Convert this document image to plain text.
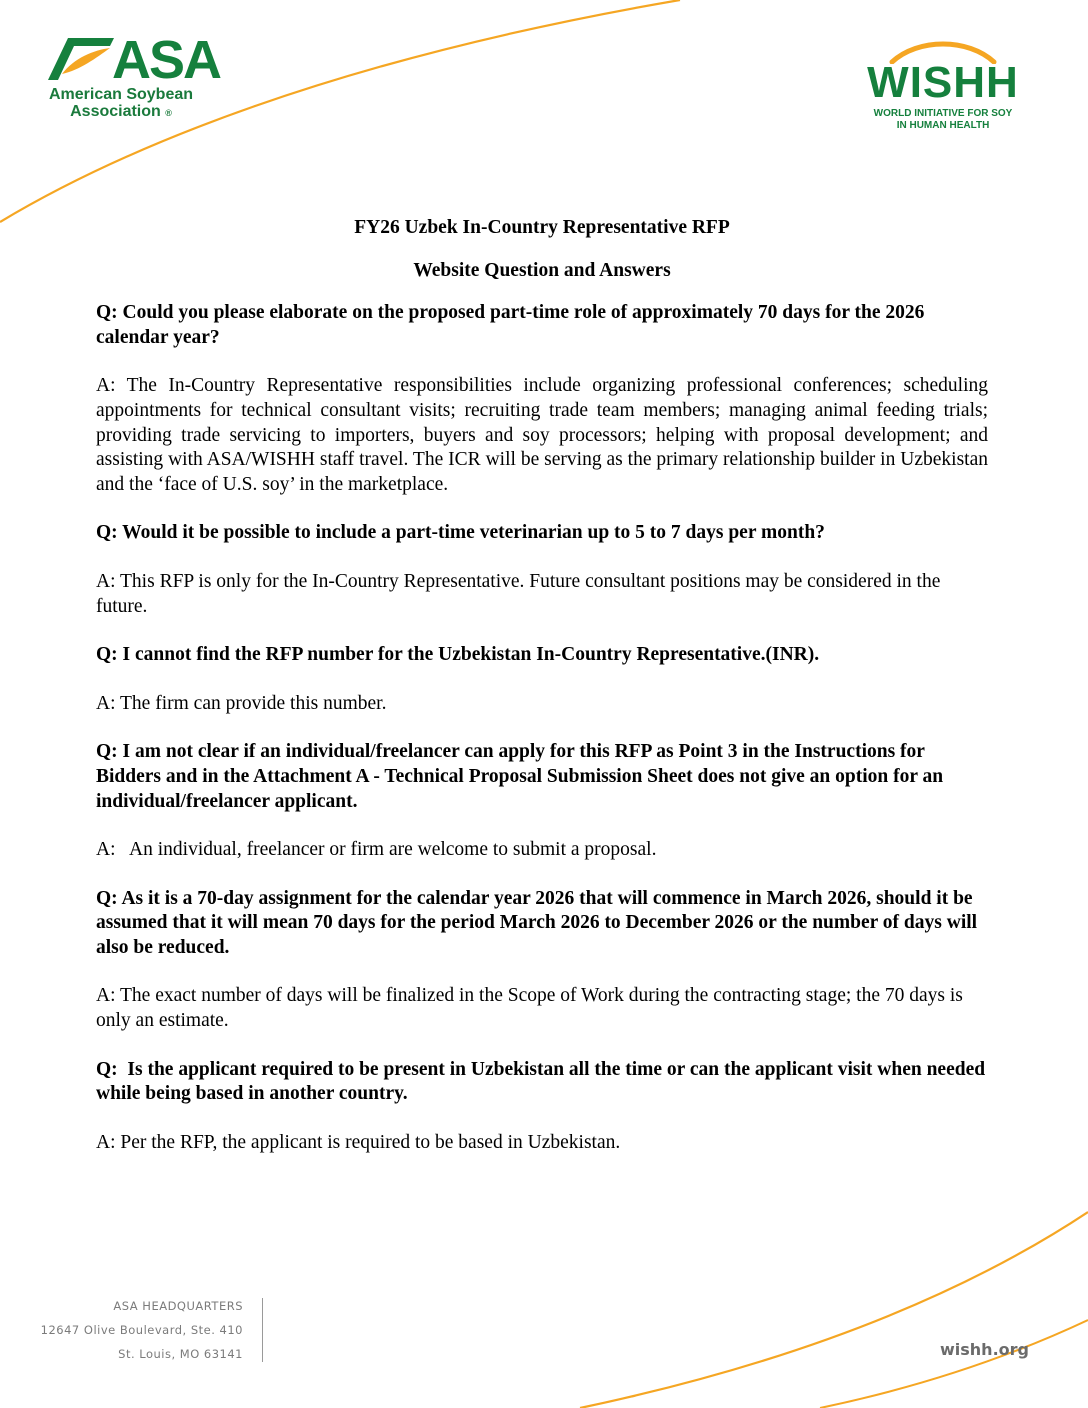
ASA
American Soybean
Association ®
WISHH
WORLD INITIATIVE FOR SOY
IN HUMAN HEALTH

FY26 Uzbek In-Country Representative RFP

Website Question and Answers

Q: Could you please elaborate on the proposed part-time role of approximately 70 days for the 2026 calendar year?

A: The In-Country Representative responsibilities include organizing professional conferences; scheduling appointments for technical consultant visits; recruiting trade team members; managing animal feeding trials; providing trade servicing to importers, buyers and soy processors; helping with proposal development; and assisting with ASA/WISHH staff travel. The ICR will be serving as the primary relationship builder in Uzbekistan and the ‘face of U.S. soy’ in the marketplace.

Q: Would it be possible to include a part-time veterinarian up to 5 to 7 days per month?

A: This RFP is only for the In-Country Representative. Future consultant positions may be considered in the future.

Q: I cannot find the RFP number for the Uzbekistan In-Country Representative.(INR).

A: The firm can provide this number.

Q: I am not clear if an individual/freelancer can apply for this RFP as Point 3 in the Instructions for Bidders and in the Attachment A - Technical Proposal Submission Sheet does not give an option for an individual/freelancer applicant.

A:   An individual, freelancer or firm are welcome to submit a proposal.

Q: As it is a 70-day assignment for the calendar year 2026 that will commence in March 2026, should it be assumed that it will mean 70 days for the period March 2026 to December 2026 or the number of days will also be reduced.

A: The exact number of days will be finalized in the Scope of Work during the contracting stage; the 70 days is only an estimate.

Q:  Is the applicant required to be present in Uzbekistan all the time or can the applicant visit when needed while being based in another country.

A: Per the RFP, the applicant is required to be based in Uzbekistan.

ASA HEADQUARTERS
12647 Olive Boulevard, Ste. 410
St. Louis, MO 63141	wishh.org
